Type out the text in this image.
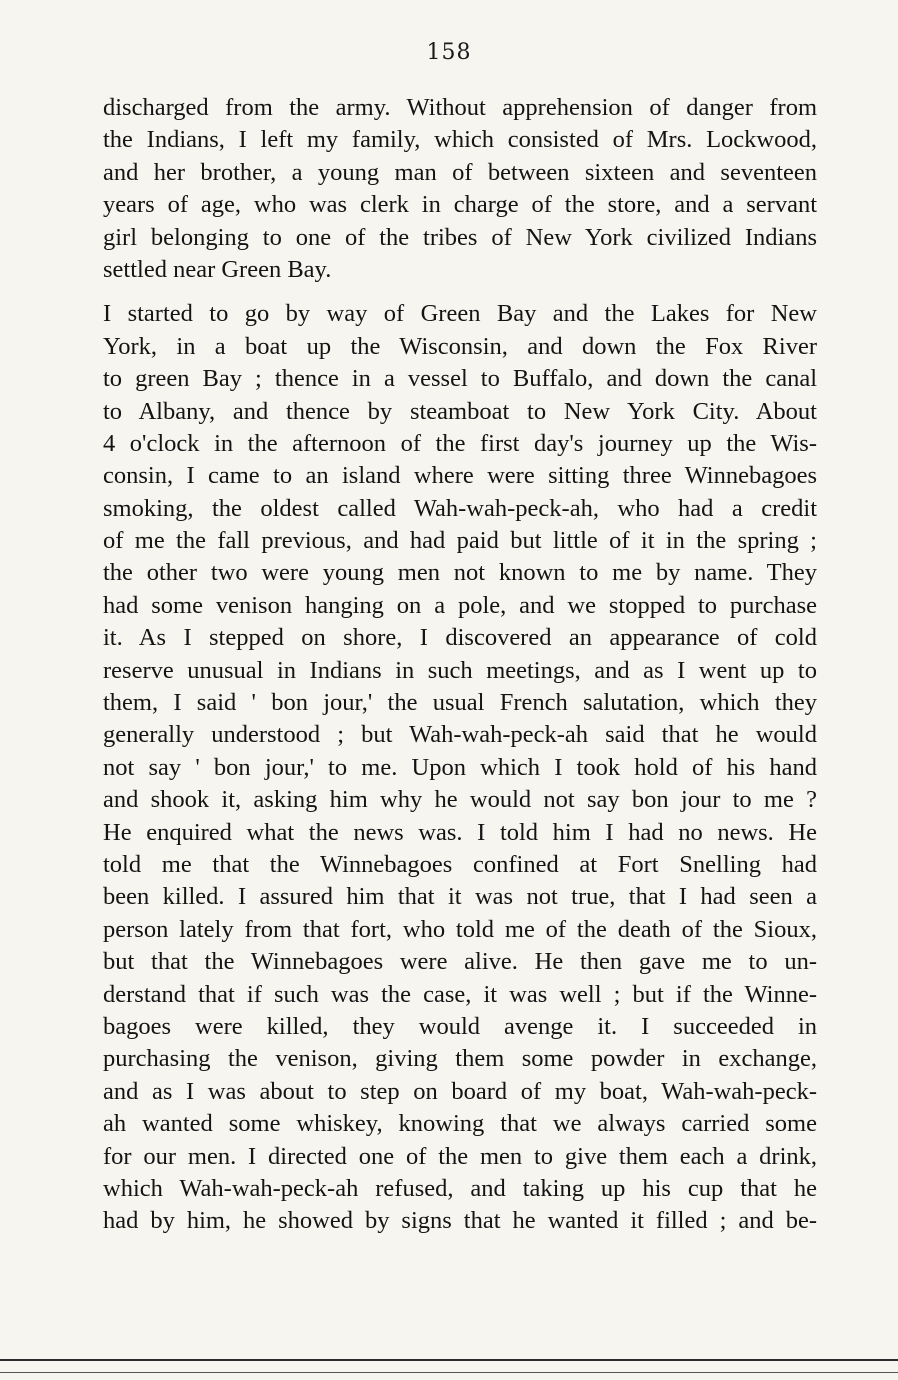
158
discharged from the army. Without apprehension of danger from
the Indians, I left my family, which consisted of Mrs. Lockwood,
and her brother, a young man of between sixteen and seventeen
years of age, who was clerk in charge of the store, and a servant
girl belonging to one of the tribes of New York civilized Indians
settled near Green Bay.
I started to go by way of Green Bay and the Lakes for New
York, in a boat up the Wisconsin, and down the Fox River
to green Bay ; thence in a vessel to Buffalo, and down the canal
to Albany, and thence by steamboat to New York City. About
4 o'clock in the afternoon of the first day's journey up the Wis-
consin, I came to an island where were sitting three Winnebagoes
smoking, the oldest called Wah-wah-peck-ah, who had a credit
of me the fall previous, and had paid but little of it in the spring ;
the other two were young men not known to me by name. They
had some venison hanging on a pole, and we stopped to purchase
it. As I stepped on shore, I discovered an appearance of cold
reserve unusual in Indians in such meetings, and as I went up to
them, I said ' bon jour,' the usual French salutation, which they
generally understood ; but Wah-wah-peck-ah said that he would
not say ' bon jour,' to me. Upon which I took hold of his hand
and shook it, asking him why he would not say bon jour to me ?
He enquired what the news was. I told him I had no news. He
told me that the Winnebagoes confined at Fort Snelling had
been killed. I assured him that it was not true, that I had seen a
person lately from that fort, who told me of the death of the Sioux,
but that the Winnebagoes were alive. He then gave me to un-
derstand that if such was the case, it was well ; but if the Winne-
bagoes were killed, they would avenge it. I succeeded in
purchasing the venison, giving them some powder in exchange,
and as I was about to step on board of my boat, Wah-wah-peck-
ah wanted some whiskey, knowing that we always carried some
for our men. I directed one of the men to give them each a drink,
which Wah-wah-peck-ah refused, and taking up his cup that he
had by him, he showed by signs that he wanted it filled ; and be-
